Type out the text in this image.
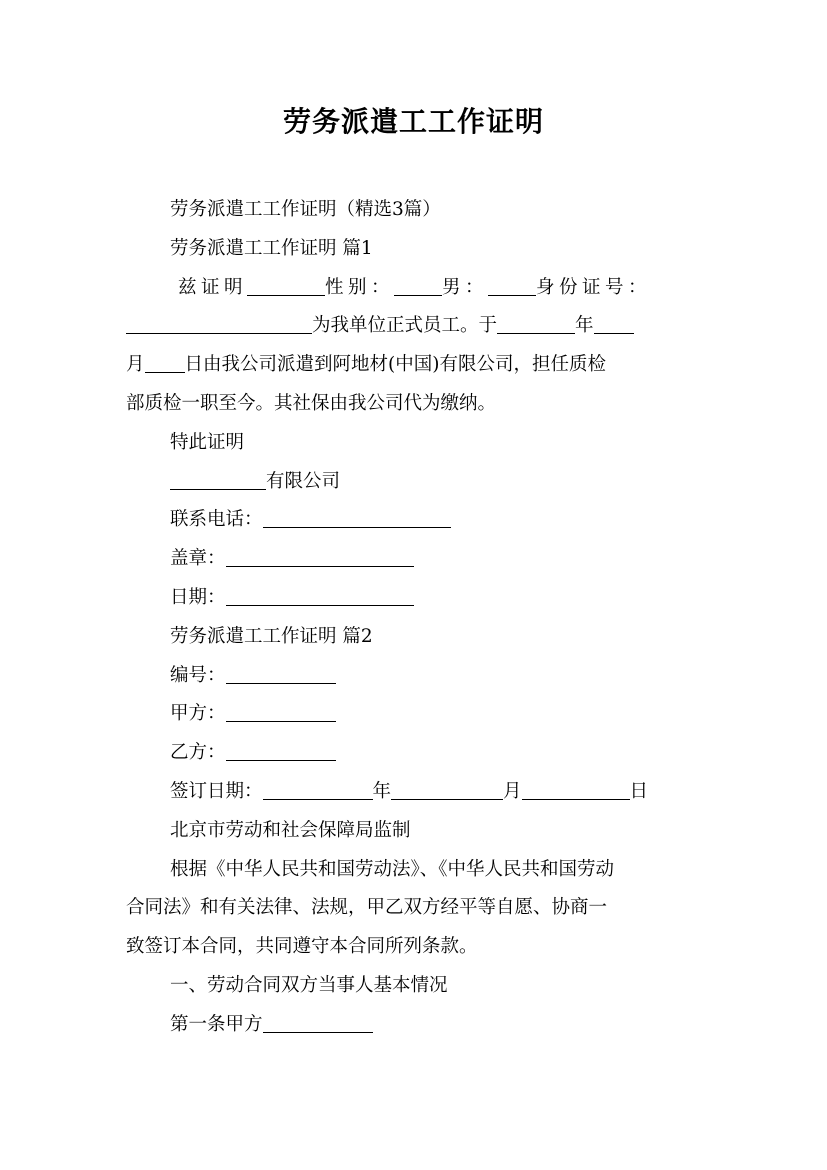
劳务派遣工工作证明

劳务派遣工工作证明（精选3篇）

劳务派遣工工作证明 篇1

兹证明	性别：	男：	身份证号：

为我单位正式员工。于	年

月 日由我公司派遣到阿地材(中国)有限公司，担任质检

部质检一职至今。其社保由我公司代为缴纳。

特此证明

有限公司

联系电话：

盖章：

日期：

劳务派遣工工作证明 篇2

编号：

甲方：

乙方：

签订日期：	年	月	日

北京市劳动和社会保障局监制

根据《中华人民共和国劳动法》、《中华人民共和国劳动

合同法》和有关法律、法规，甲乙双方经平等自愿、协商一

致签订本合同，共同遵守本合同所列条款。

一、劳动合同双方当事人基本情况

第一条甲方
